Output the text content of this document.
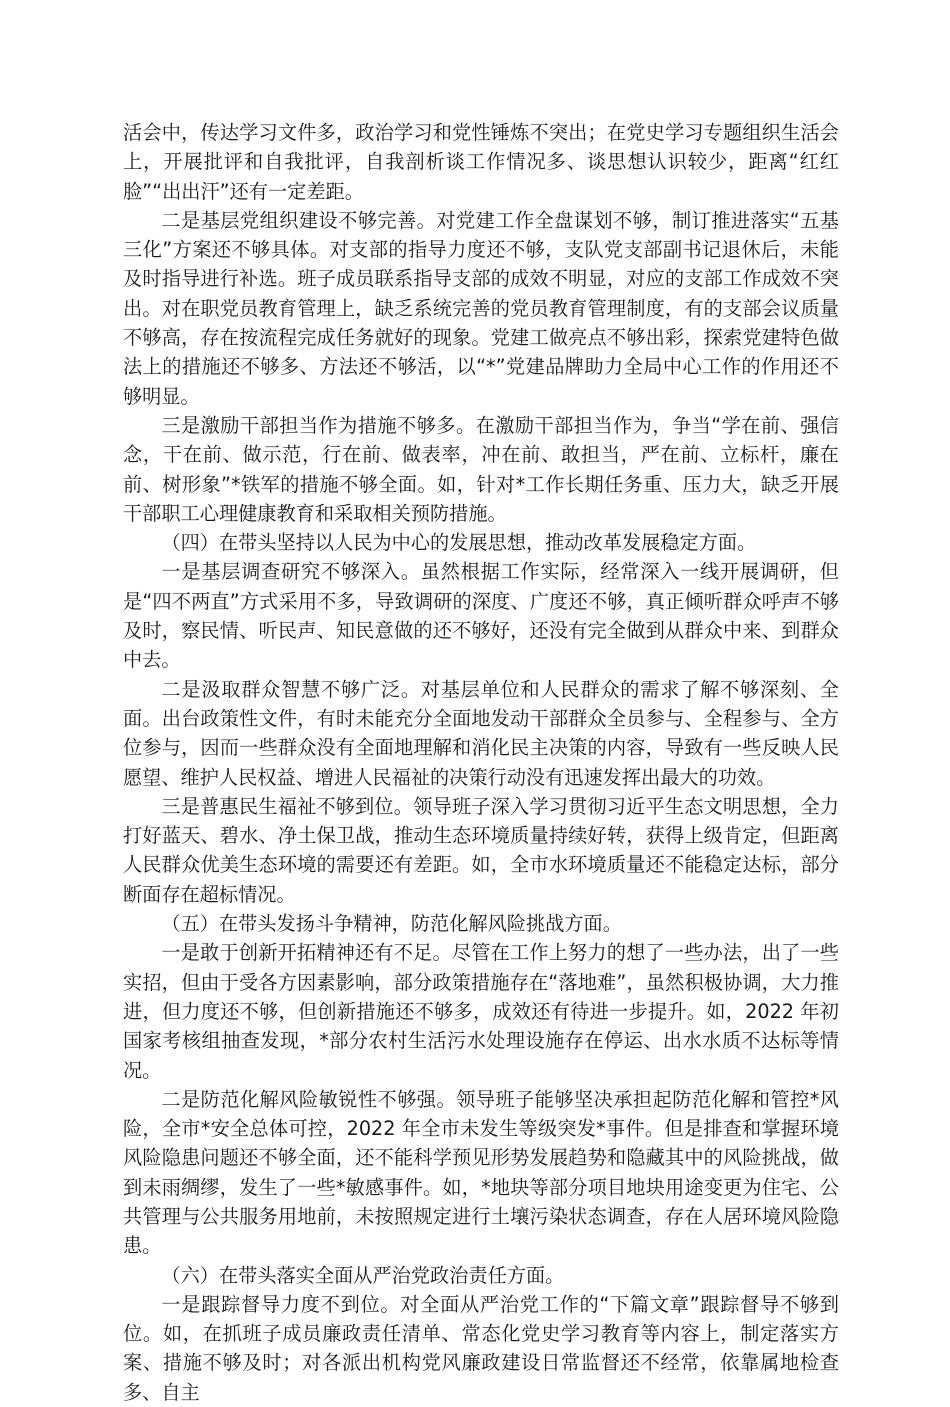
活会中，传达学习文件多，政治学习和党性锤炼不突出；在党史学习专题组织生活会上，开展批评和自我批评，自我剖析谈工作情况多、谈思想认识较少，距离“红红脸”“出出汗”还有一定差距。

二是基层党组织建设不够完善。对党建工作全盘谋划不够，制订推进落实“五基三化”方案还不够具体。对支部的指导力度还不够，支队党支部副书记退休后，未能及时指导进行补选。班子成员联系指导支部的成效不明显，对应的支部工作成效不突出。对在职党员教育管理上，缺乏系统完善的党员教育管理制度，有的支部会议质量不够高，存在按流程完成任务就好的现象。党建工做亮点不够出彩，探索党建特色做法上的措施还不够多、方法还不够活，以“*”党建品牌助力全局中心工作的作用还不够明显。

三是激励干部担当作为措施不够多。在激励干部担当作为，争当“学在前、强信念，干在前、做示范，行在前、做表率，冲在前、敢担当，严在前、立标杆，廉在前、树形象”*铁军的措施不够全面。如，针对*工作长期任务重、压力大，缺乏开展干部职工心理健康教育和采取相关预防措施。

（四）在带头坚持以人民为中心的发展思想，推动改革发展稳定方面。

一是基层调查研究不够深入。虽然根据工作实际，经常深入一线开展调研，但是“四不两直”方式采用不多，导致调研的深度、广度还不够，真正倾听群众呼声不够及时，察民情、听民声、知民意做的还不够好，还没有完全做到从群众中来、到群众中去。

二是汲取群众智慧不够广泛。对基层单位和人民群众的需求了解不够深刻、全面。出台政策性文件，有时未能充分全面地发动干部群众全员参与、全程参与、全方位参与，因而一些群众没有全面地理解和消化民主决策的内容，导致有一些反映人民愿望、维护人民权益、增进人民福祉的决策行动没有迅速发挥出最大的功效。

三是普惠民生福祉不够到位。领导班子深入学习贯彻习近平生态文明思想，全力打好蓝天、碧水、净土保卫战，推动生态环境质量持续好转，获得上级肯定，但距离人民群众优美生态环境的需要还有差距。如，全市水环境质量还不能稳定达标，部分断面存在超标情况。

（五）在带头发扬斗争精神，防范化解风险挑战方面。

一是敢于创新开拓精神还有不足。尽管在工作上努力的想了一些办法，出了一些实招，但由于受各方因素影响，部分政策措施存在“落地难”，虽然积极协调，大力推进，但力度还不够，但创新措施还不够多，成效还有待进一步提升。如，2022 年初国家考核组抽查发现，*部分农村生活污水处理设施存在停运、出水水质不达标等情况。

二是防范化解风险敏锐性不够强。领导班子能够坚决承担起防范化解和管控*风险，全市*安全总体可控，2022 年全市未发生等级突发*事件。但是排查和掌握环境风险隐患问题还不够全面，还不能科学预见形势发展趋势和隐藏其中的风险挑战，做到未雨绸缪，发生了一些*敏感事件。如，*地块等部分项目地块用途变更为住宅、公共管理与公共服务用地前，未按照规定进行土壤污染状态调查，存在人居环境风险隐患。

（六）在带头落实全面从严治党政治责任方面。

一是跟踪督导力度不到位。对全面从严治党工作的“下篇文章”跟踪督导不够到位。如，在抓班子成员廉政责任清单、常态化党史学习教育等内容上，制定落实方案、措施不够及时；对各派出机构党风廉政建设日常监督还不经常，依靠属地检查多、自主
